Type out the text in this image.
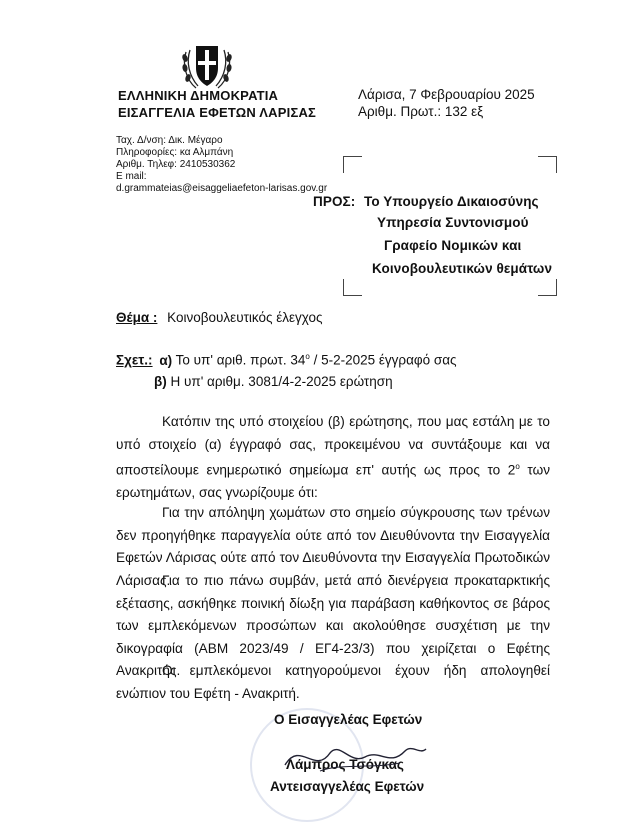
ΕΛΛΗΝΙΚΗ ΔΗΜΟΚΡΑΤΙΑ
ΕΙΣΑΓΓΕΛΙΑ ΕΦΕΤΩΝ ΛΑΡΙΣΑΣ
Λάρισα, 7 Φεβρουαρίου 2025
Αριθμ. Πρωτ.: 132 εξ
Ταχ. Δ/νση: Δικ. Μέγαρο
Πληροφορίες: κα Αλμπάνη
Αριθμ. Τηλεφ: 2410530362
E mail:
d.grammateias@eisaggeliaefeton-larisas.gov.gr
ΠΡΟΣ: Το Υπουργείο Δικαιοσύνης
Υπηρεσία Συντονισμού
Γραφείο Νομικών και
Κοινοβουλευτικών θεμάτων
Θέμα : Κοινοβουλευτικός έλεγχος
Σχετ.: α) Το υπ' αριθ. πρωτ. $34^o / 5-2-2025$ έγγραφό σας
β) Η υπ' αριθμ. 3081/4-2-2025 ερώτηση
Κατόπιν της υπό στοιχείου (β) ερώτησης, που μας εστάλη με το υπό στοιχείο (α) έγγραφό σας, προκειμένου να συντάξουμε και να αποστείλουμε ενημερωτικό σημείωμα επ' αυτής ως προς το $2^o$ των ερωτημάτων, σας γνωρίζουμε ότι:
Για την απόληψη χωμάτων στο σημείο σύγκρουσης των τρένων δεν προηγήθηκε παραγγελία ούτε από τον Διευθύνοντα την Εισαγγελία Εφετών Λάρισας ούτε από τον Διευθύνοντα την Εισαγγελία Πρωτοδικών Λάρισας.
Για το πιο πάνω συμβάν, μετά από διενέργεια προκαταρκτικής εξέτασης, ασκήθηκε ποινική δίωξη για παράβαση καθήκοντος σε βάρος των εμπλεκόμενων προσώπων και ακολούθησε συσχέτιση με την δικογραφία (ΑΒΜ 2023/49 / ΕΓ4-23/3) που χειρίζεται ο Εφέτης Ανακριτής.
Οι εμπλεκόμενοι κατηγορούμενοι έχουν ήδη απολογηθεί ενώπιον του Εφέτη - Ανακριτή.
Ο Εισαγγελέας Εφετών
Λάμπρος Τσόγκας
Αντεισαγγελέας Εφετών
